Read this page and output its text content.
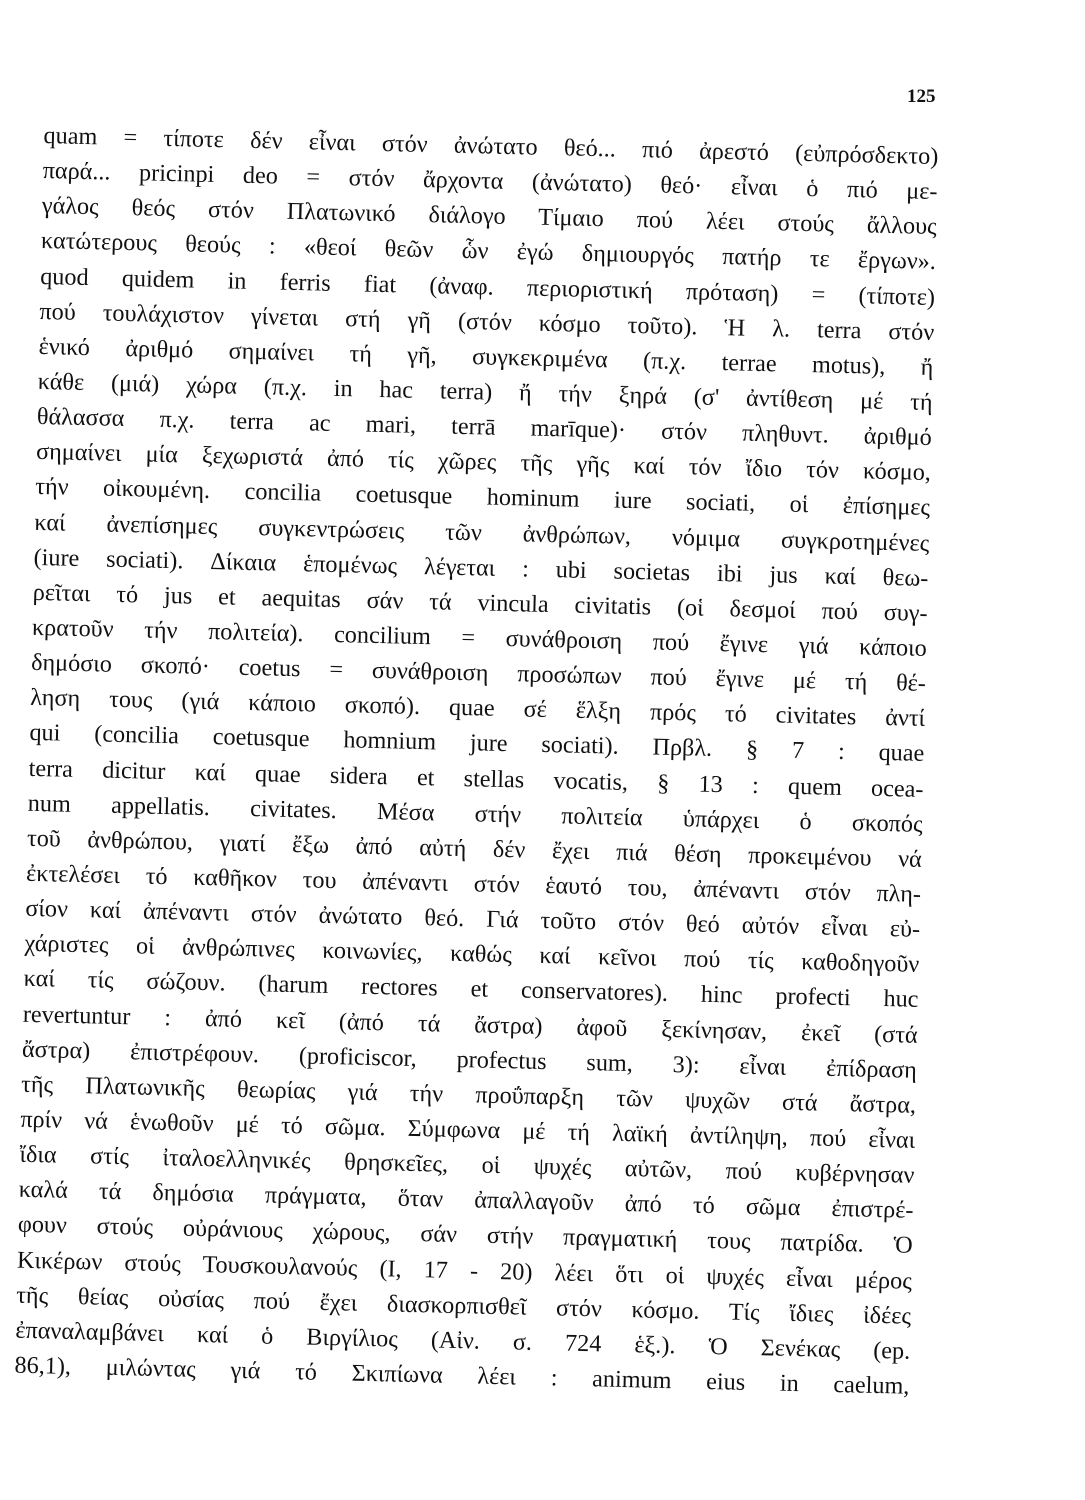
125
quam = τίποτε δέν εἶναι στόν ἀνώτατο θεό... πιό ἀρεστό (εὐπρόσδεκτο)
παρά... pricinpi deo = στόν ἄρχοντα (ἀνώτατο) θεό· εἶναι ὁ πιό με-
γάλος θεός στόν Πλατωνικό διάλογο Τίμαιο πού λέει στούς ἄλλους
κατώτερους θεούς : «θεοί θεῶν ὧν ἐγώ δημιουργός πατήρ τε ἔργων».
quod quidem in ferris fiat (ἀναφ. περιοριστική πρόταση) = (τίποτε)
πού τουλάχιστον γίνεται στή γῆ (στόν κόσμο τοῦτο). Ἡ λ. terra στόν
ἑνικό ἀριθμό σημαίνει τή γῆ, συγκεκριμένα (π.χ. terrae motus), ἤ
κάθε (μιά) χώρα (π.χ. in hac terra) ἤ τήν ξηρά (σ' ἀντίθεση μέ τή
θάλασσα π.χ. terra ac mari, terrā marīque)· στόν πληθυντ. ἀριθμό
σημαίνει μία ξεχωριστά ἀπό τίς χῶρες τῆς γῆς καί τόν ἴδιο τόν κόσμο,
τήν οἰκουμένη. concilia coetusque hominum iure sociati, οἱ ἐπίσημες
καί ἀνεπίσημες συγκεντρώσεις τῶν ἀνθρώπων, νόμιμα συγκροτημένες
(iure sociati). Δίκαια ἑπομένως λέγεται : ubi societas ibi jus καί θεω-
ρεῖται τό jus et aequitas σάν τά vincula civitatis (οἱ δεσμοί πού συγ-
κρατοῦν τήν πολιτεία). concilium = συνάθροιση πού ἔγινε γιά κάποιο
δημόσιο σκοπό· coetus = συνάθροιση προσώπων πού ἔγινε μέ τή θέ-
ληση τους (γιά κάποιο σκοπό). quae σέ ἕλξη πρός τό civitates ἀντί
qui (concilia coetusque homnium jure sociati). Πρβλ. § 7 : quae
terra dicitur καί quae sidera et stellas vocatis, § 13 : quem ocea-
num appellatis. civitates. Μέσα στήν πολιτεία ὑπάρχει ὁ σκοπός
τοῦ ἀνθρώπου, γιατί ἔξω ἀπό αὐτή δέν ἔχει πιά θέση προκειμένου νά
ἐκτελέσει τό καθῆκον του ἀπέναντι στόν ἑαυτό του, ἀπέναντι στόν πλη-
σίον καί ἀπέναντι στόν ἀνώτατο θεό. Γιά τοῦτο στόν θεό αὐτόν εἶναι εὐ-
χάριστες οἱ ἀνθρώπινες κοινωνίες, καθώς καί κεῖνοι πού τίς καθοδηγοῦν
καί τίς σώζουν. (harum rectores et conservatores). hinc profecti huc
revertuntur : ἀπό κεῖ (ἀπό τά ἄστρα) ἀφοῦ ξεκίνησαν, ἐκεῖ (στά
ἄστρα) ἐπιστρέφουν. (proficiscor, profectus sum, 3): εἶναι ἐπίδραση
τῆς Πλατωνικῆς θεωρίας γιά τήν προΰπαρξη τῶν ψυχῶν στά ἄστρα,
πρίν νά ἑνωθοῦν μέ τό σῶμα. Σύμφωνα μέ τή λαϊκή ἀντίληψη, πού εἶναι
ἴδια στίς ἰταλοελληνικές θρησκεῖες, οἱ ψυχές αὐτῶν, πού κυβέρνησαν
καλά τά δημόσια πράγματα, ὅταν ἀπαλλαγοῦν ἀπό τό σῶμα ἐπιστρέ-
φουν στούς οὐράνιους χώρους, σάν στήν πραγματική τους πατρίδα. Ὁ
Κικέρων στούς Τουσκουλανούς (I, 17 - 20) λέει ὅτι οἱ ψυχές εἶναι μέρος
τῆς θείας οὐσίας πού ἔχει διασκορπισθεῖ στόν κόσμο. Τίς ἴδιες ἰδέες
ἐπαναλαμβάνει καί ὁ Βιργίλιος (Αἰν. σ. 724 ἑξ.). Ὁ Σενέκας (ep.
86,1), μιλώντας γιά τό Σκιπίωνα λέει : animum eius in caelum,
